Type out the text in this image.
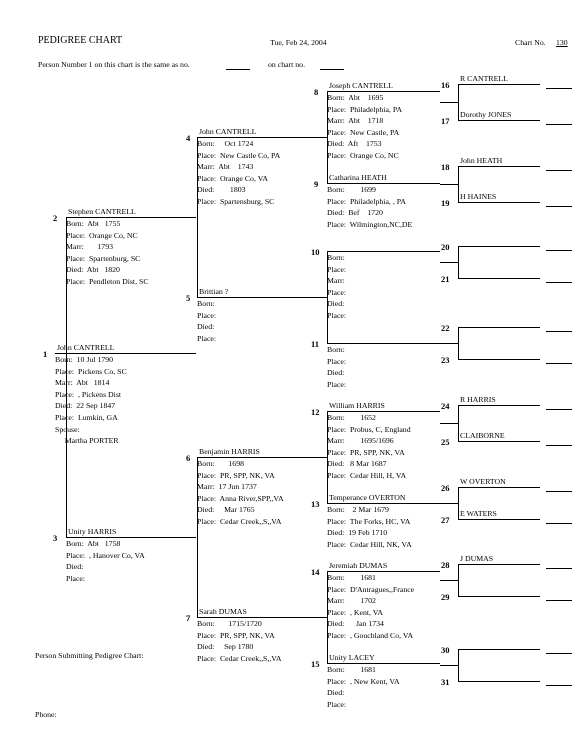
PEDIGREE CHART	Tue, Feb 24, 2004	Chart No. 130
Person Number 1 on this chart is the same as no.	on chart no.
Person Submitting Pedigree Chart:
Phone:
1
John CANTRELL
Born:  10 Jul 1790
Place:  Pickens Co, SC
Marr:  Abt   1814
Place:  , Pickens Dist
Died:  22 Sep 1847
Place:  Lumkin, GA
Spouse:
Martha PORTER
2
Stephen CANTRELL
Born:  Abt   1755
Place:  Orange Co, NC
Marr:       1793
Place:  Spartenburg, SC
Died:  Abt   1820
Place:  Pendleton Dist, SC
3
Unity HARRIS
Born:  Abt   1758
Place:  , Hanover Co, VA
Died:
Place:
4
John CANTRELL
Born:     Oct 1724
Place:  New Castle Co, PA
Marr:  Abt    1743
Place:  Orange Co, VA
Died:        1803
Place:  Spartensburg, SC
5
Brittian ?
Born:
Place:
Died:
Place:
6
Benjamin HARRIS
Born:       1698
Place:  PR, SPP, NK, VA
Marr:  17 Jun 1737
Place:  Anna River,SPP,,VA
Died:     Mar 1765
Place:  Cedar Creek,,S,,VA
7
Sarah DUMAS
Born:       1715/1720
Place:  PR, SPP, NK, VA
Died:     Sep 1780
Place:  Cedar Creek,,S,,VA
8
Joseph CANTRELL
Born:  Abt    1695
Place:  Philadelphia, PA
Marr:  Abt    1718
Place:  New Castle, PA
Died:  Aft    1753
Place:  Orange Co, NC
9
Catharina HEATH
Born:        1699
Place:  Philadelphia, , PA
Died:  Bef    1720
Place:  Wilmington,NC,DE
10
Born:
Place:
Marr:
Place:
Died:
Place:
11
Born:
Place:
Died:
Place:
12
William HARRIS
Born:        1652
Place:  Probus, C, England
Marr:        1695/1696
Place:  PR, SPP, NK, VA
Died:   8 Mar 1687
Place:  Cedar Hill, H, VA
13
Temperance OVERTON
Born:    2 Mar 1679
Place:  The Forks, HC, VA
Died:  19 Feb 1710
Place:  Cedar Hill, NK, VA
14
Jeremiah DUMAS
Born:        1681
Place:  D'Antragues,,France
Marr:        1702
Place:  , Kent, VA
Died:      Jan 1734
Place:  , Gouchland Co, VA
15
Unity LACEY
Born:        1681
Place:  , New Kent, VA
Died:
Place:
16
R CANTRELL
17
Dorothy JONES
18
John HEATH
19
H HAINES
20
21
22
23
24
R HARRIS
25
CLAIBORNE
26
W OVERTON
27
E WATERS
28
J DUMAS
29
30
31
